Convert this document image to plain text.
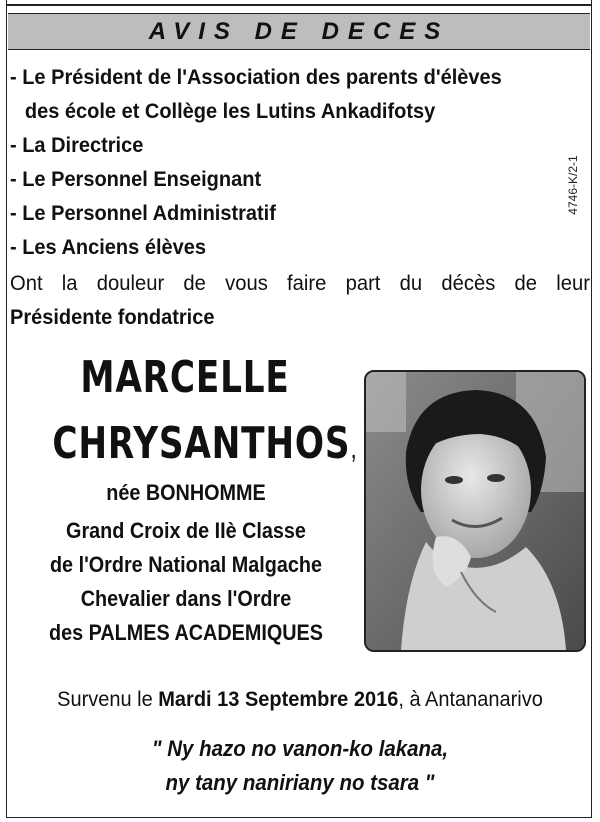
AVIS DE DECES
4746-K/2-1
- Le Président de l'Association des parents d'élèves
des école et Collège les Lutins Ankadifotsy
- La Directrice
- Le Personnel Enseignant
- Le Personnel Administratif
- Les Anciens élèves
Ont la douleur de vous faire part du décès de leur
Présidente fondatrice
MARCELLE
CHRYSANTHOS,
née BONHOMME
Grand Croix de IIè Classe
de l'Ordre National Malgache
Chevalier dans l'Ordre
des PALMES ACADEMIQUES
Survenu le Mardi 13 Septembre 2016, à Antananarivo
" Ny hazo no vanon-ko lakana,
ny tany naniriany no tsara "
